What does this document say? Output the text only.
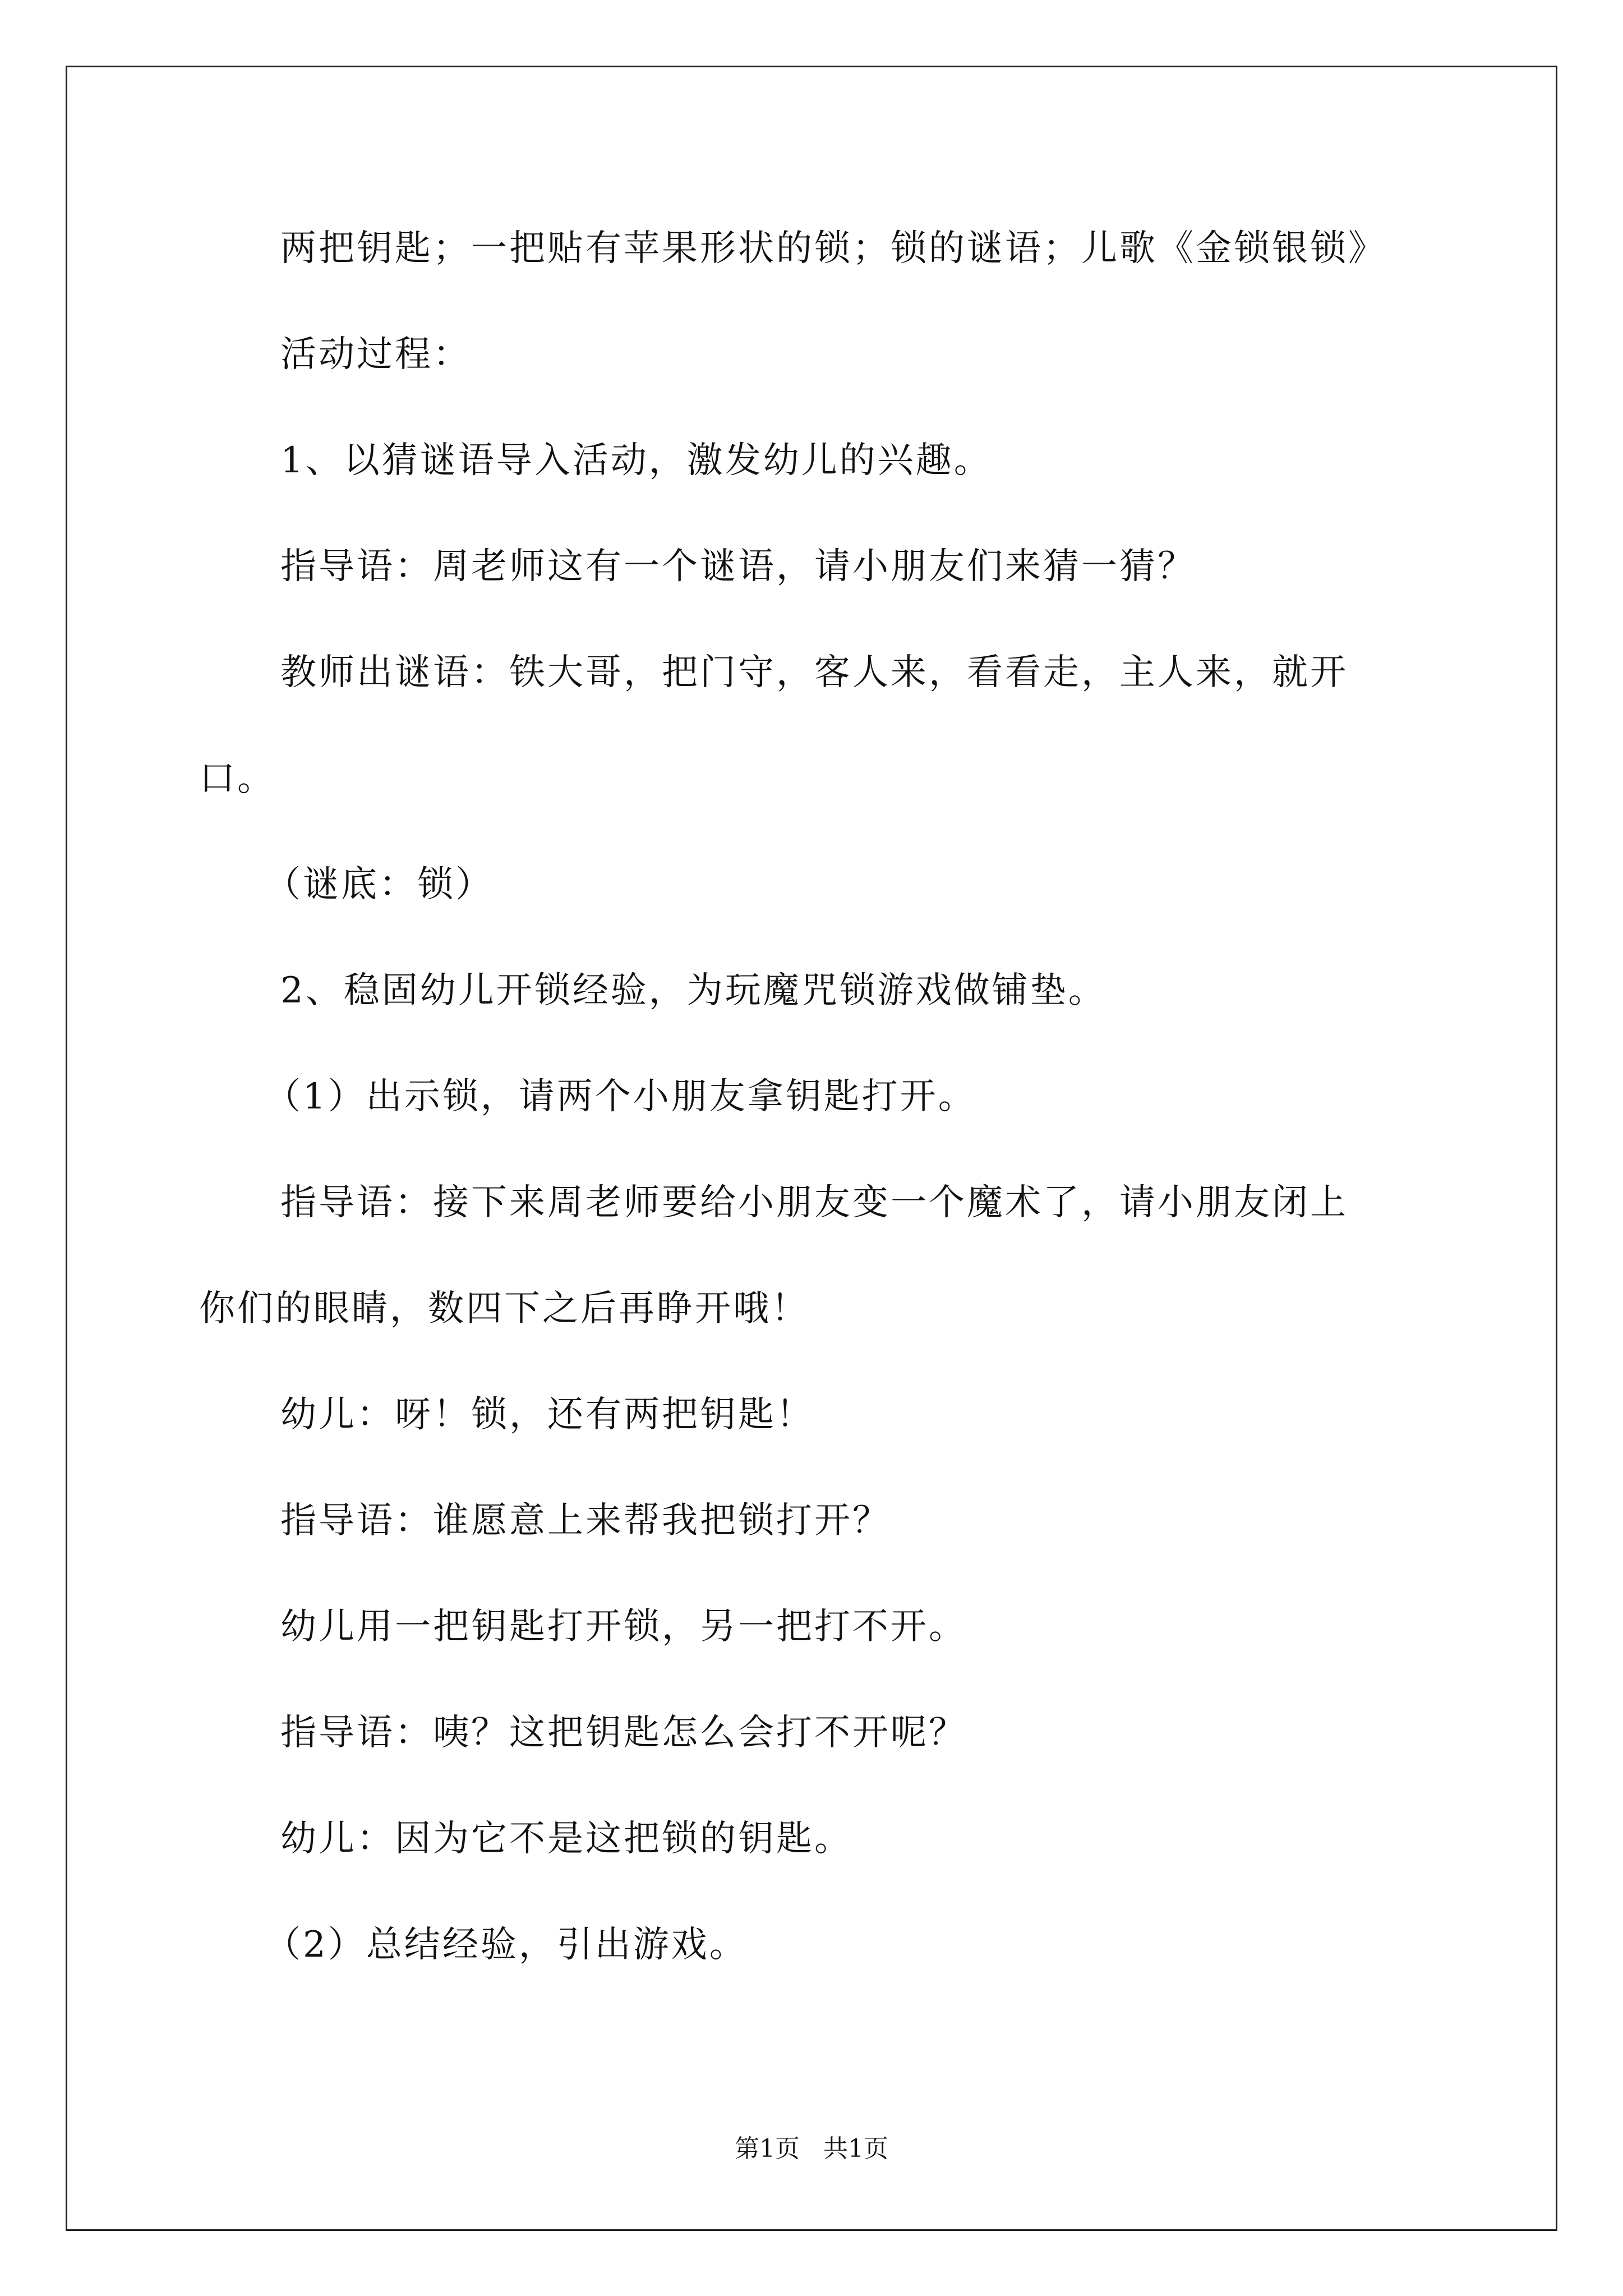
两把钥匙；一把贴有苹果形状的锁；锁的谜语；儿歌《金锁银锁》
活动过程：
1、以猜谜语导入活动，激发幼儿的兴趣。
指导语：周老师这有一个谜语，请小朋友们来猜一猜？
教师出谜语：铁大哥，把门守，客人来，看看走，主人来，就开
口。
（谜底：锁）
2、稳固幼儿开锁经验，为玩魔咒锁游戏做铺垫。
（1）出示锁，请两个小朋友拿钥匙打开。
指导语：接下来周老师要给小朋友变一个魔术了，请小朋友闭上
你们的眼睛，数四下之后再睁开哦！
幼儿：呀！锁，还有两把钥匙！
指导语：谁愿意上来帮我把锁打开？
幼儿用一把钥匙打开锁，另一把打不开。
指导语：咦？这把钥匙怎么会打不开呢？
幼儿：因为它不是这把锁的钥匙。
（2）总结经验，引出游戏。
第1页   共1页
